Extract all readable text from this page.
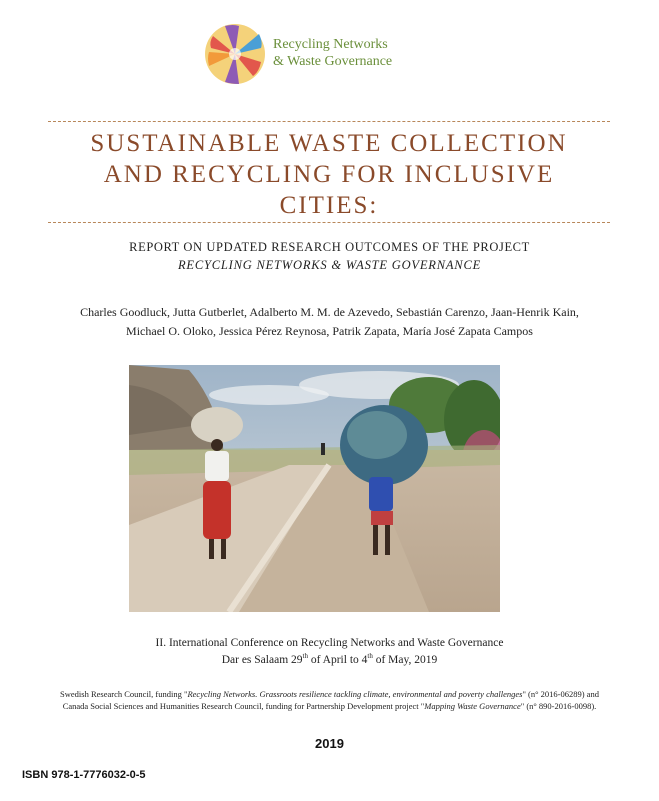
Recycling Networks
& Waste Governance
SUSTAINABLE WASTE COLLECTION
AND RECYCLING FOR INCLUSIVE
CITIES:
REPORT ON UPDATED RESEARCH OUTCOMES OF THE PROJECT
RECYCLING NETWORKS & WASTE GOVERNANCE
Charles Goodluck, Jutta Gutberlet, Adalberto M. M. de Azevedo, Sebastián Carenzo, Jaan-Henrik Kain,
Michael O. Oloko, Jessica Pérez Reynosa, Patrik Zapata, María José Zapata Campos
II. International Conference on Recycling Networks and Waste Governance
Dar es Salaam 29th of April to 4th of May, 2019
Swedish Research Council, funding "Recycling Networks. Grassroots resilience tackling climate, environmental and poverty challenges" (n° 2016-06289) and Canada Social Sciences and Humanities Research Council, funding for Partnership Development project "Mapping Waste Governance" (n° 890-2016-0098).
2019
ISBN 978-1-7776032-0-5
